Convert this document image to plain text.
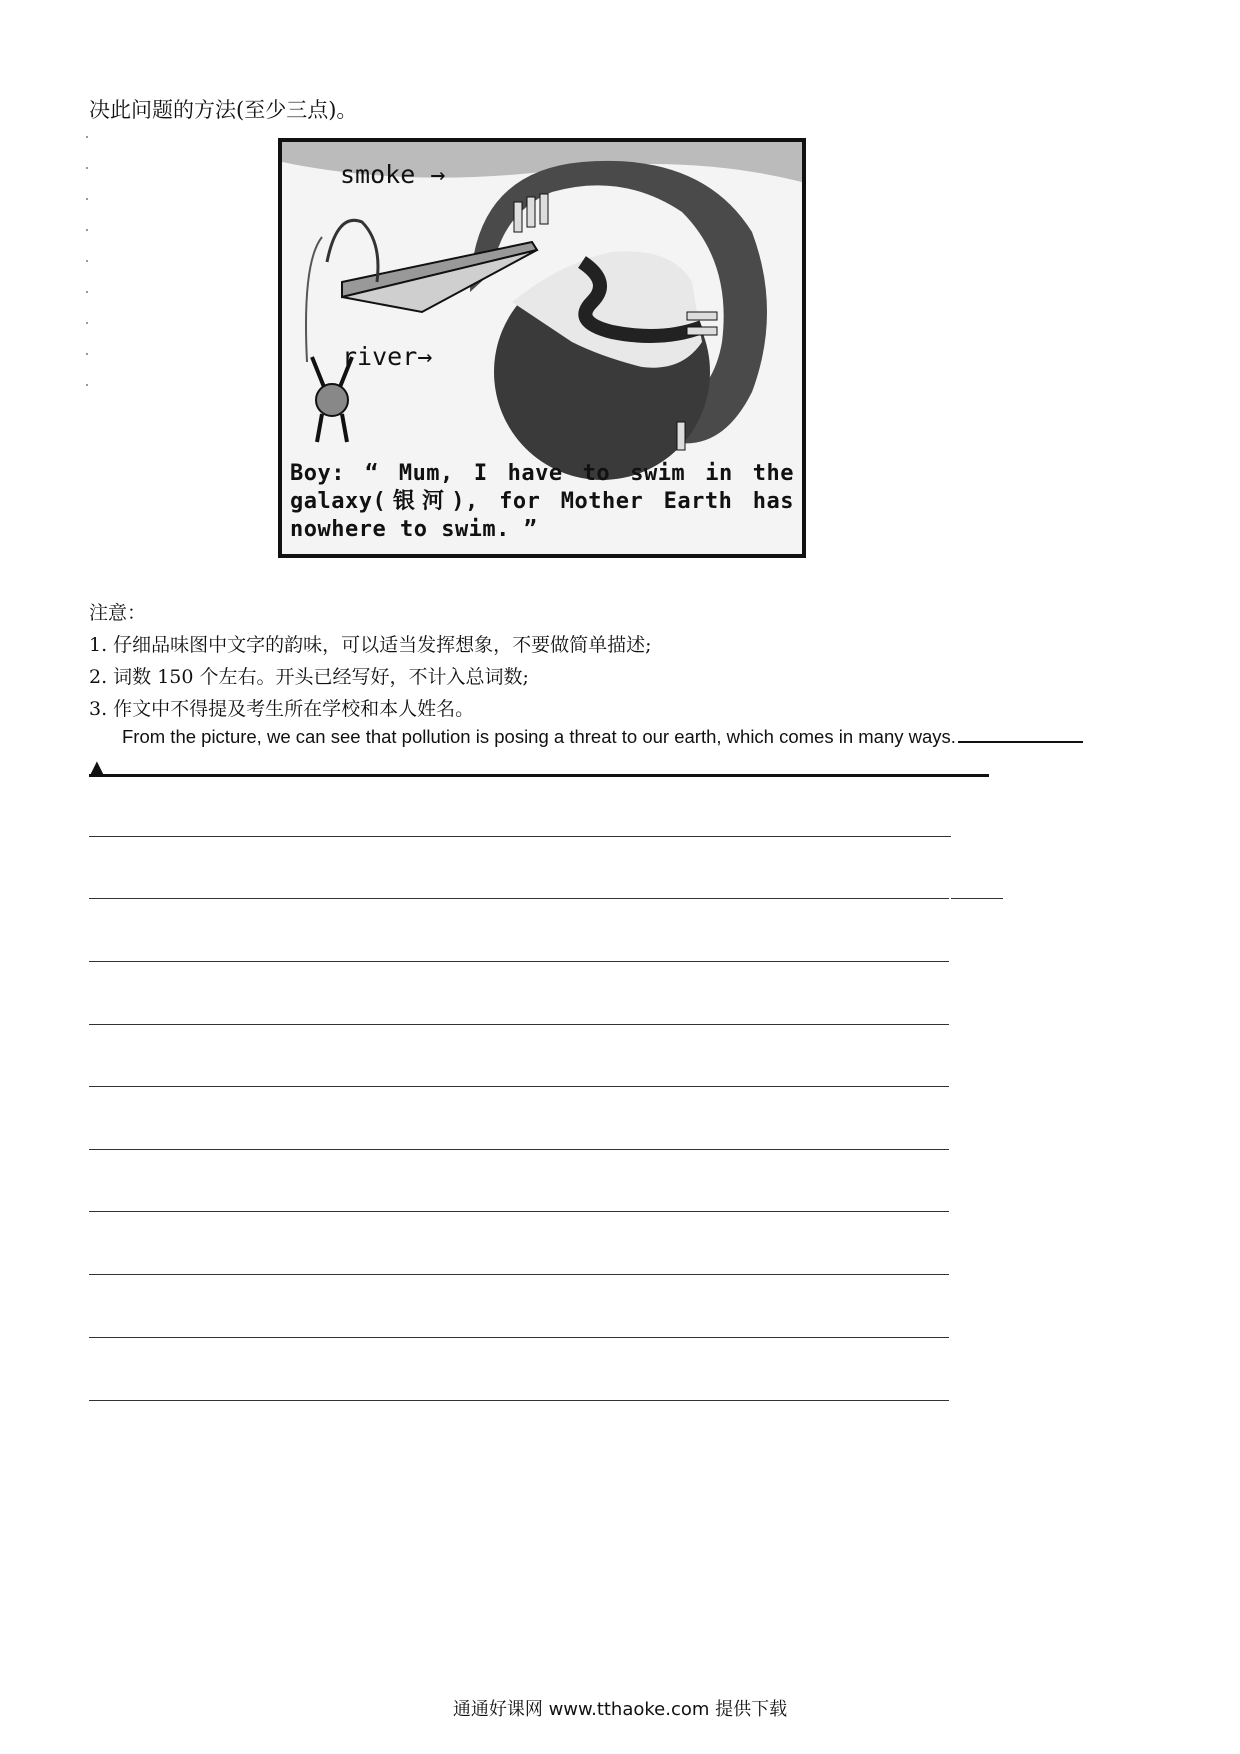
决此问题的方法(至少三点)。
smoke →
river→
Boy: “ Mum, I have to swim in the
galaxy(银河), for Mother Earth has
nowhere to swim. ”
注意：
1. 仔细品味图中文字的韵味，可以适当发挥想象，不要做简单描述;
2. 词数 150 个左右。开头已经写好，不计入总词数;
3. 作文中不得提及考生所在学校和本人姓名。
From the picture, we can see that pollution is posing a threat to our earth, which comes in many ways.
▲
通通好课网 www.tthaoke.com 提供下载
